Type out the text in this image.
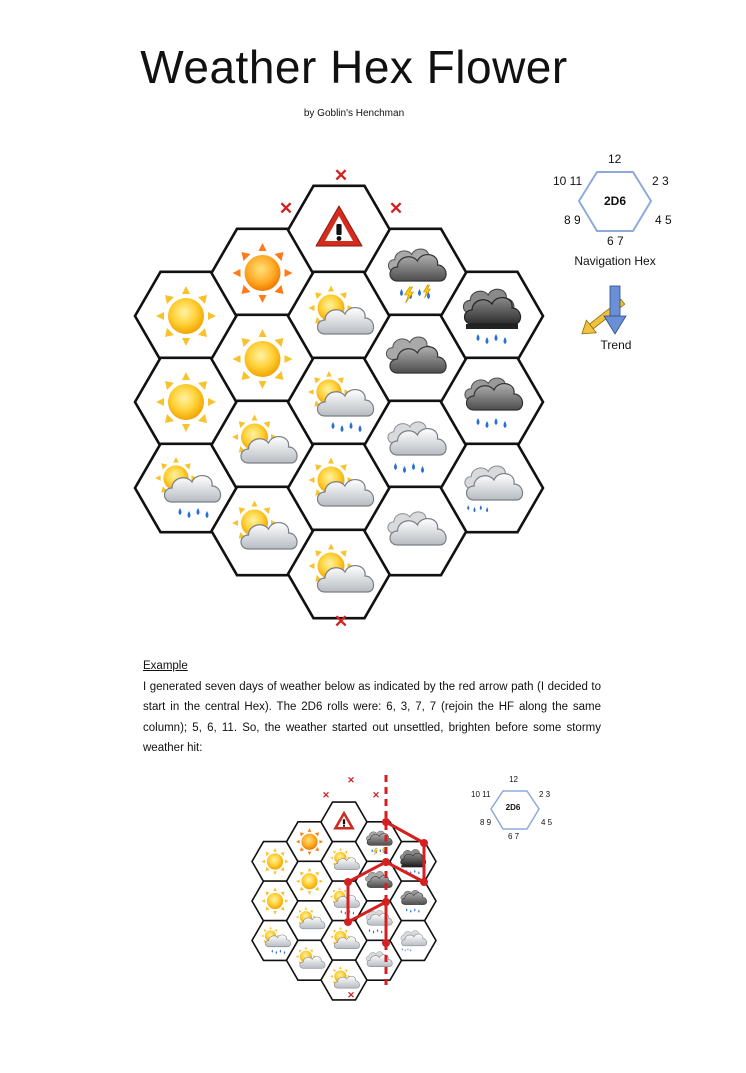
Weather Hex Flower
by Goblin's Henchman
✕
✕	✕
✕
✕
✕	✕
✕
12
2 3
4 5
6 7
8 9
10 11
2D6
Navigation Hex
Trend
Example

I generated seven days of weather below as indicated by the red arrow path (I decided to start in the central Hex). The 2D6 rolls were: 6, 3, 7, 7 (rejoin the HF along the same column); 5, 6, 11. So, the weather started out unsettled, brighten before some stormy weather hit:

12
2 3
4 5
6 7
8 9
10 11
2D6
